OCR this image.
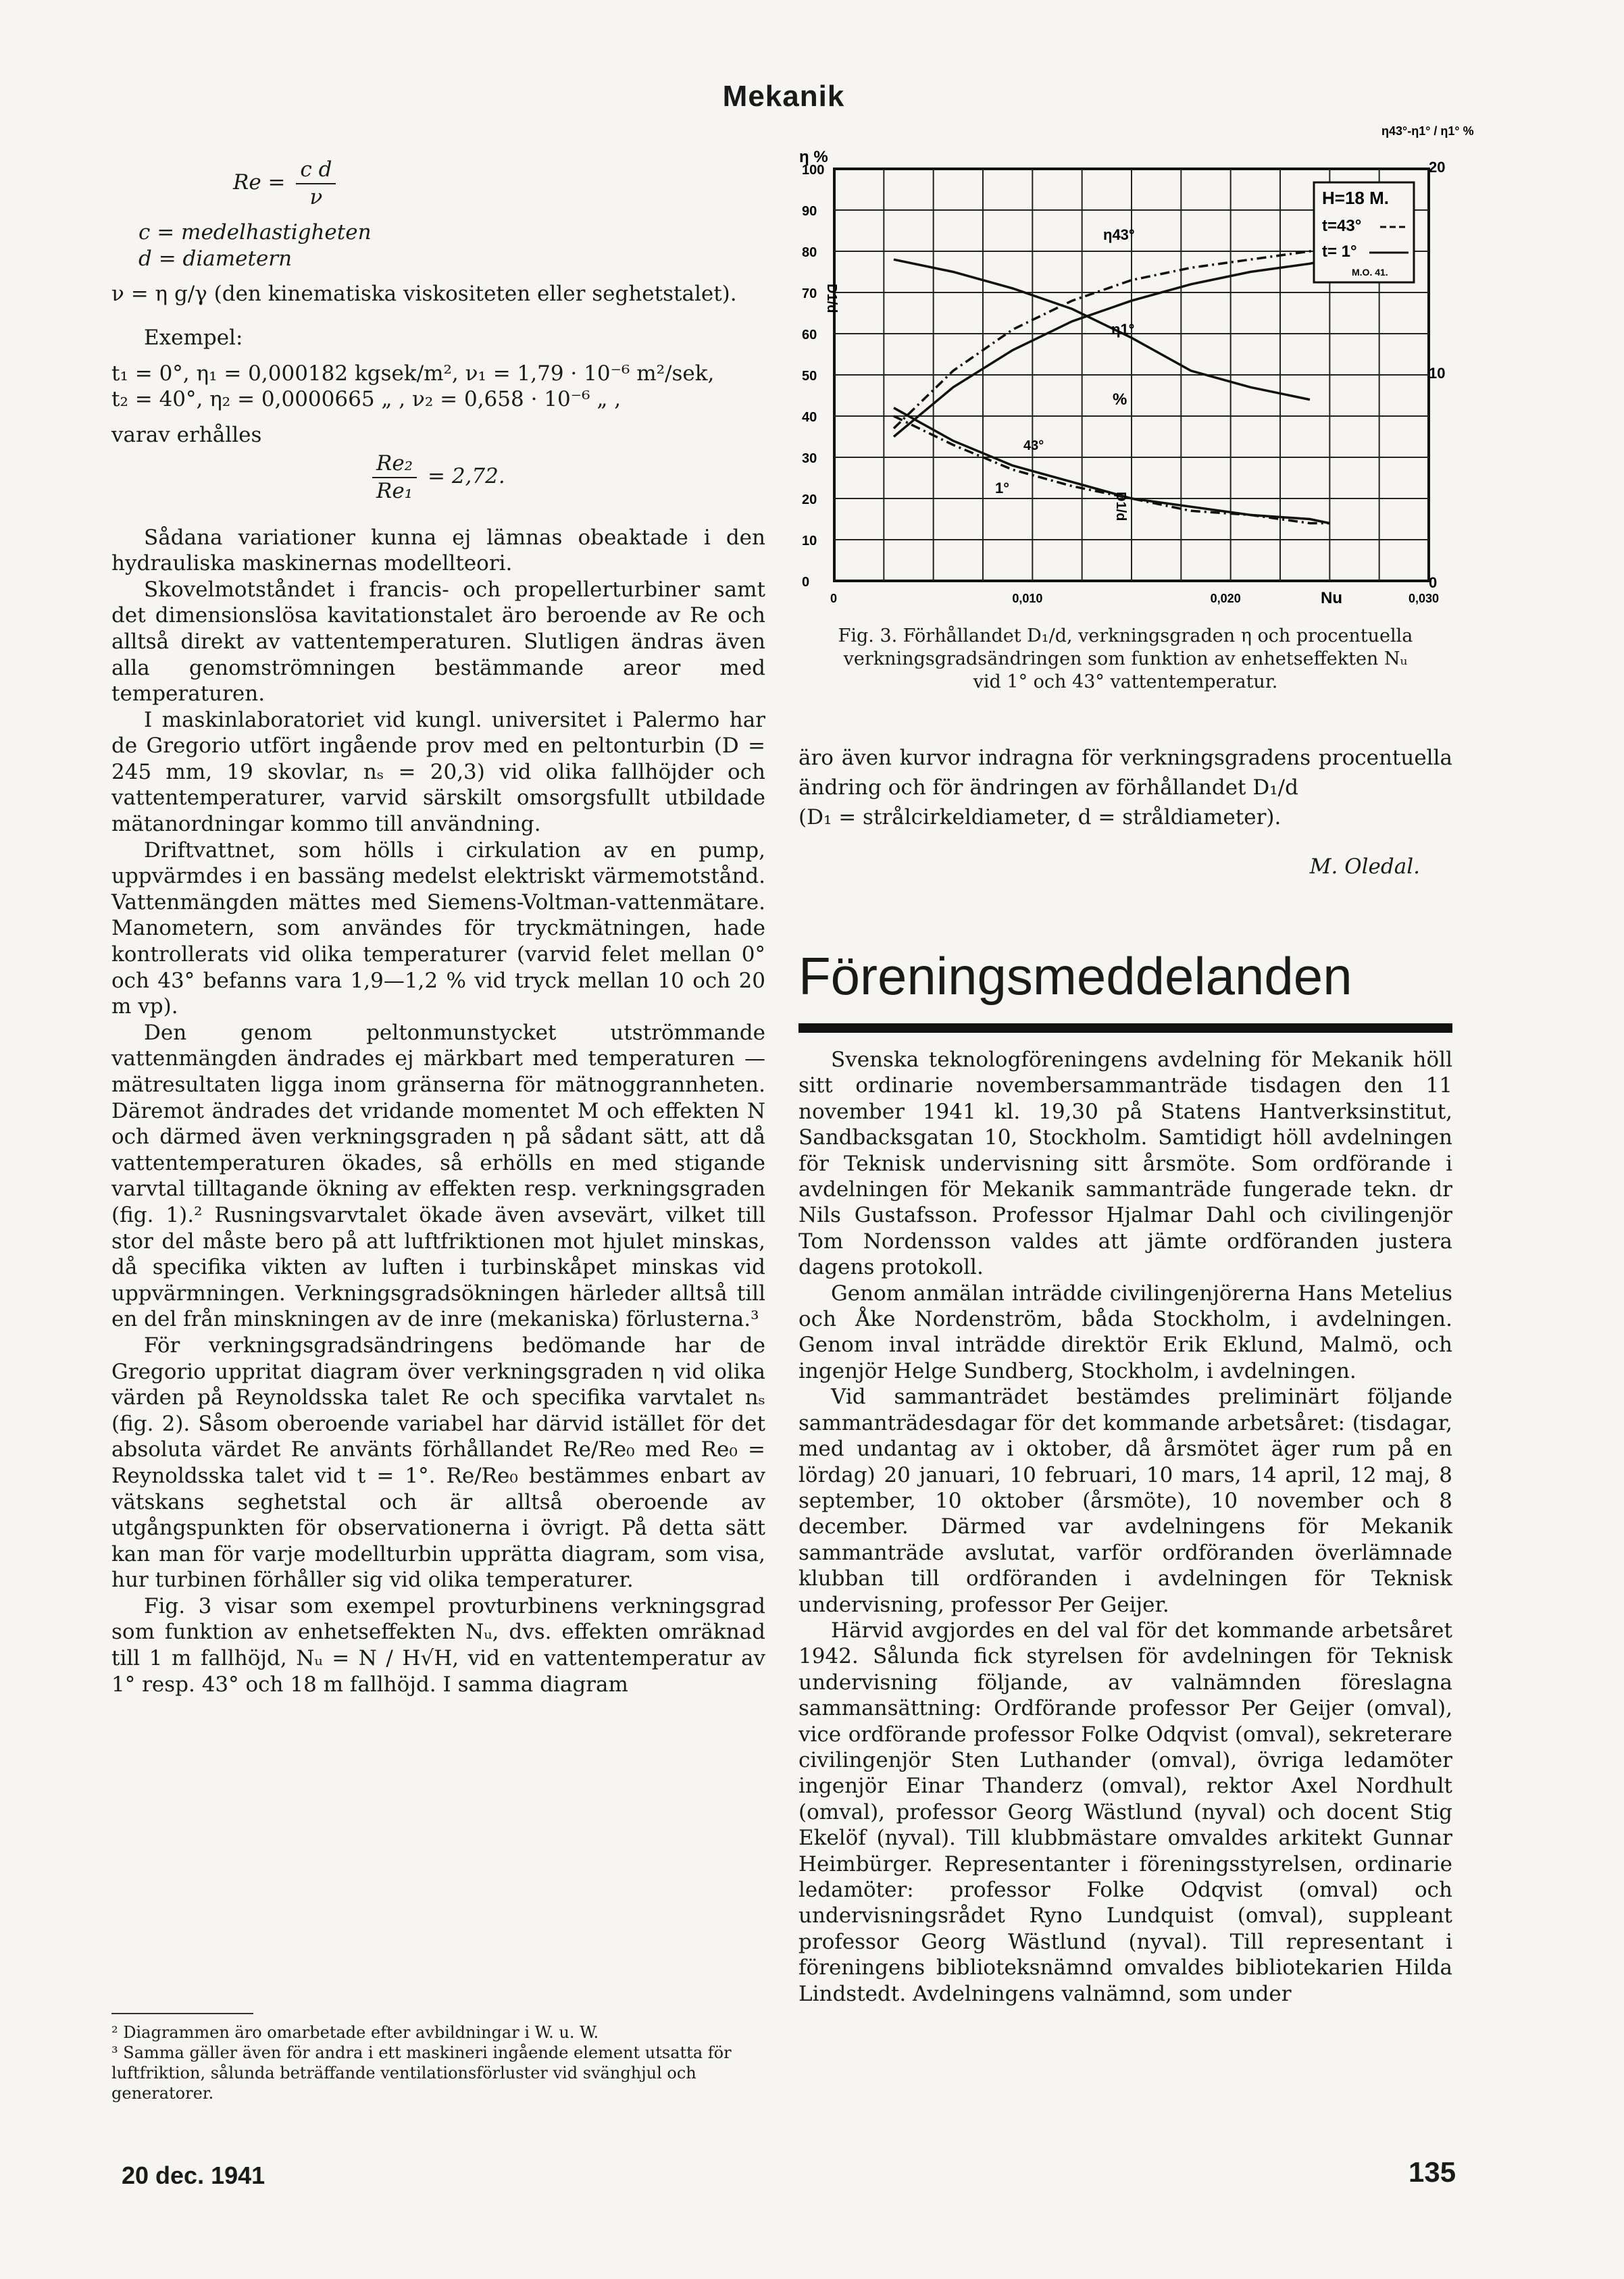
Mekanik
$Re = \frac{\text{c d}}{\nu}$

c = medelhastigheten

d = diametern

ν = η g/γ (den kinematiska viskositeten eller seghetstalet).

Exempel:

t₁ = 0°, η₁ = 0,000182 kgsek/m², ν₁ = 1,79 · 10⁻⁶ m²/sek,

t₂ = 40°, η₂ = 0,0000665 „ , ν₂ = 0,658 · 10⁻⁶ „ ,

varav erhålles

$\frac{\text{Re₂}}{\text{Re₁}} = 2,72$.

Sådana variationer kunna ej lämnas obeaktade i den hydrauliska maskinernas modellteori.

Skovelmotståndet i francis- och propellerturbiner samt det dimensionslösa kavitationstalet äro beroende av Re och alltså direkt av vattentemperaturen. Slutligen ändras även alla genomströmningen bestämmande areor med temperaturen.

I maskinlaboratoriet vid kungl. universitet i Palermo har de Gregorio utfört ingående prov med en peltonturbin (D = 245 mm, 19 skovlar, nₛ = 20,3) vid olika fallhöjder och vattentemperaturer, varvid särskilt omsorgsfullt utbildade mätanordningar kommo till användning.

Driftvattnet, som hölls i cirkulation av en pump, uppvärmdes i en bassäng medelst elektriskt värmemotstånd. Vattenmängden mättes med Siemens-Voltman-vattenmätare. Manometern, som användes för tryckmätningen, hade kontrollerats vid olika temperaturer (varvid felet mellan 0° och 43° befanns vara 1,9—1,2 % vid tryck mellan 10 och 20 m vp).

Den genom peltonmunstycket utströmmande vattenmängden ändrades ej märkbart med temperaturen — mätresultaten ligga inom gränserna för mätnoggrannheten. Däremot ändrades det vridande momentet M och effekten N och därmed även verkningsgraden η på sådant sätt, att då vattentemperaturen ökades, så erhölls en med stigande varvtal tilltagande ökning av effekten resp. verkningsgraden (fig. 1).² Rusningsvarvtalet ökade även avsevärt, vilket till stor del måste bero på att luftfriktionen mot hjulet minskas, då specifika vikten av luften i turbinskåpet minskas vid uppvärmningen. Verkningsgradsökningen härleder alltså till en del från minskningen av de inre (mekaniska) förlusterna.³

För verkningsgradsändringens bedömande har de Gregorio uppritat diagram över verkningsgraden η vid olika värden på Reynoldsska talet Re och specifika varvtalet nₛ (fig. 2). Såsom oberoende variabel har därvid istället för det absoluta värdet Re använts förhållandet Re/Re₀ med Re₀ = Reynoldsska talet vid t = 1°. Re/Re₀ bestämmes enbart av vätskans seghetstal och är alltså oberoende av utgångspunkten för observationerna i övrigt. På detta sätt kan man för varje modellturbin upprätta diagram, som visa, hur turbinen förhåller sig vid olika temperaturer.

Fig. 3 visar som exempel provturbinens verkningsgrad som funktion av enhetseffekten Nᵤ, dvs. effekten omräknad till 1 m fallhöjd, Nᵤ = N / H√H, vid en vattentemperatur av 1° resp. 43° och 18 m fallhöjd. I samma diagram

² Diagrammen äro omarbetade efter avbildningar i W. u. W.
³ Samma gäller även för andra i ett maskineri ingående element utsatta för luftfriktion, sålunda beträffande ventilationsförluster vid svänghjul och generatorer.
20 dec. 1941	135
0
10
20
30
40
50
60
70
80
90
100
0	0,010	0,020	0,030
H=18 M.
t=43°
t= 1°
M.O. 41.
η43°
η1°
%
43°
1°
D1/d
η %
D1/d
η43°-η1° / η1° %
20
10
0
Nu
Fig. 3. Förhållandet D₁/d, verkningsgraden η och procentuella
verkningsgradsändringen som funktion av enhetseffekten Nᵤ
vid 1° och 43° vattentemperatur.
äro även kurvor indragna för verkningsgradens procentuella ändring och för ändringen av förhållandet D₁/d
(D₁ = strålcirkeldiameter, d = stråldiameter).
M. Oledal.
Föreningsmeddelanden

Svenska teknologföreningens avdelning för Mekanik höll sitt ordinarie novembersammanträde tisdagen den 11 november 1941 kl. 19,30 på Statens Hantverksinstitut, Sandbacksgatan 10, Stockholm. Samtidigt höll avdelningen för Teknisk undervisning sitt årsmöte. Som ordförande i avdelningen för Mekanik sammanträde fungerade tekn. dr Nils Gustafsson. Professor Hjalmar Dahl och civilingenjör Tom Nordensson valdes att jämte ordföranden justera dagens protokoll.

Genom anmälan inträdde civilingenjörerna Hans Metelius och Åke Nordenström, båda Stockholm, i avdelningen. Genom inval inträdde direktör Erik Eklund, Malmö, och ingenjör Helge Sundberg, Stockholm, i avdelningen.

Vid sammanträdet bestämdes preliminärt följande sammanträdesdagar för det kommande arbetsåret: (tisdagar, med undantag av i oktober, då årsmötet äger rum på en lördag) 20 januari, 10 februari, 10 mars, 14 april, 12 maj, 8 september, 10 oktober (årsmöte), 10 november och 8 december. Därmed var avdelningens för Mekanik sammanträde avslutat, varför ordföranden överlämnade klubban till ordföranden i avdelningen för Teknisk undervisning, professor Per Geijer.

Härvid avgjordes en del val för det kommande arbetsåret 1942. Sålunda fick styrelsen för avdelningen för Teknisk undervisning följande, av valnämnden föreslagna sammansättning: Ordförande professor Per Geijer (omval), vice ordförande professor Folke Odqvist (omval), sekreterare civilingenjör Sten Luthander (omval), övriga ledamöter ingenjör Einar Thanderz (omval), rektor Axel Nordhult (omval), professor Georg Wästlund (nyval) och docent Stig Ekelöf (nyval). Till klubbmästare omvaldes arkitekt Gunnar Heimbürger. Representanter i föreningsstyrelsen, ordinarie ledamöter: professor Folke Odqvist (omval) och undervisningsrådet Ryno Lundquist (omval), suppleant professor Georg Wästlund (nyval). Till representant i föreningens biblioteksnämnd omvaldes bibliotekarien Hilda Lindstedt. Avdelningens valnämnd, som under
